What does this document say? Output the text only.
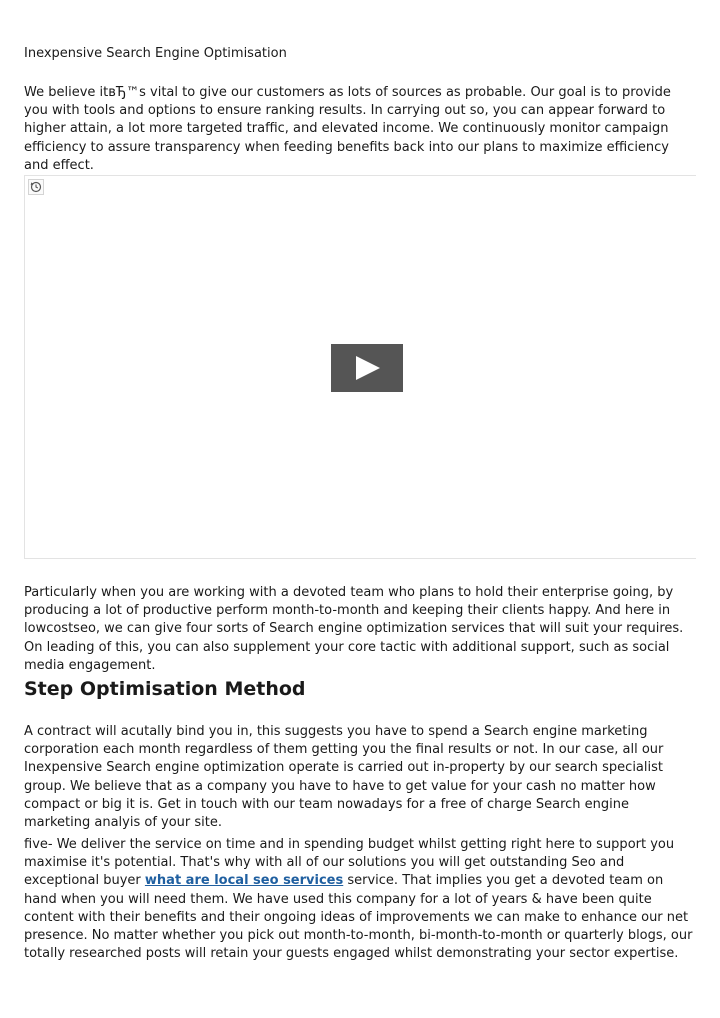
Inexpensive Search Engine Optimisation

We believe itвЂ™s vital to give our customers as lots of sources as probable. Our goal is to provide you with tools and options to ensure ranking results. In carrying out so, you can appear forward to higher attain, a lot more targeted traffic, and elevated income. We continuously monitor campaign efficiency to assure transparency when feeding benefits back into our plans to maximize efficiency and effect.

Particularly when you are working with a devoted team who plans to hold their enterprise going, by producing a lot of productive perform month-to-month and keeping their clients happy. And here in lowcostseo, we can give four sorts of Search engine optimization services that will suit your requires. On leading of this, you can also supplement your core tactic with additional support, such as social media engagement.

Step Optimisation Method

A contract will acutally bind you in, this suggests you have to spend a Search engine marketing corporation each month regardless of them getting you the final results or not. In our case, all our Inexpensive Search engine optimization operate is carried out in-property by our search specialist group. We believe that as a company you have to have to get value for your cash no matter how compact or big it is. Get in touch with our team nowadays for a free of charge Search engine marketing analyis of your site.

five- We deliver the service on time and in spending budget whilst getting right here to support you maximise it's potential. That's why with all of our solutions you will get outstanding Seo and exceptional buyer what are local seo services service. That implies you get a devoted team on hand when you will need them. We have used this company for a lot of years & have been quite content with their benefits and their ongoing ideas of improvements we can make to enhance our net presence. No matter whether you pick out month-to-month, bi-month-to-month or quarterly blogs, our totally researched posts will retain your guests engaged whilst demonstrating your sector expertise.
